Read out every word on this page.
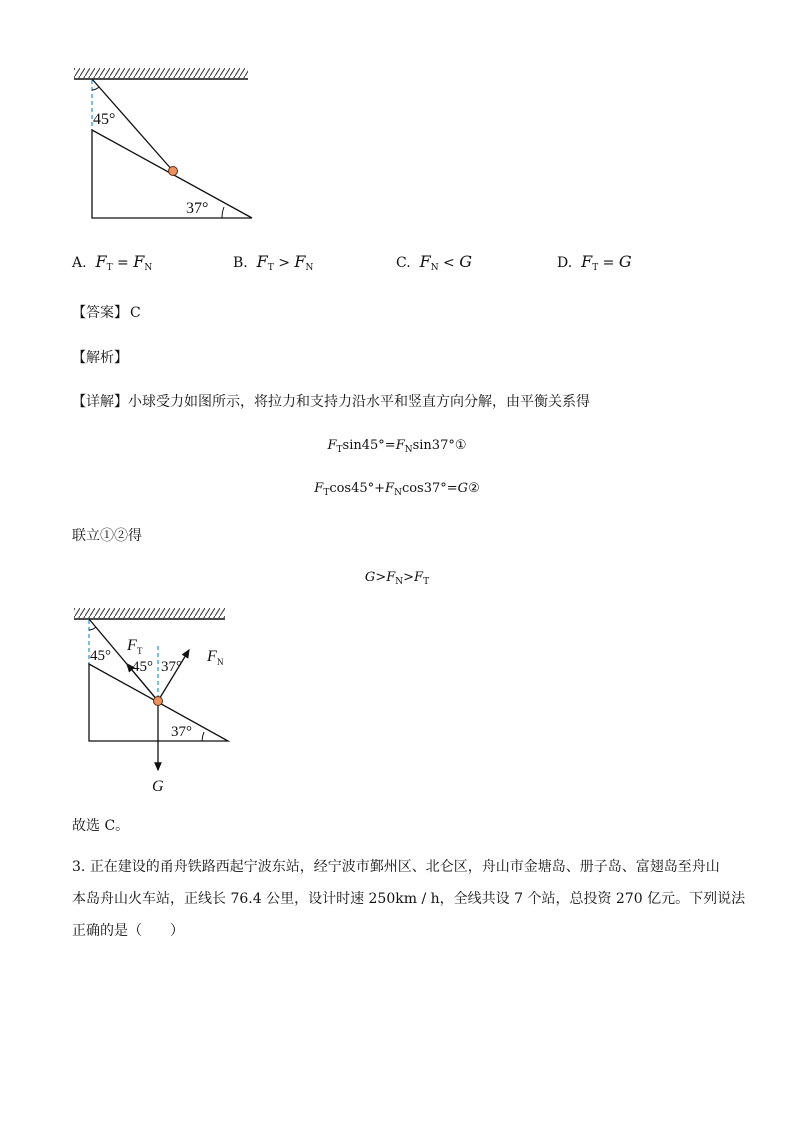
45°
37°
A. $F_T = F_N$	B. $F_T > F_N$	C. $F_N < G$	D. $F_T = G$
【答案】 C
【解析】
【详解】小球受力如图所示，将拉力和支持力沿水平和竖直方向分解，由平衡关系得
$F_T\sin 45^\circ=F_N\sin 37^\circ ①$
$F_T\cos 45^\circ+F_N\cos 37^\circ=G②$
联立①②得
$G>F_N>F_T$
45°
45° 37°
37°
F T	F N
G
故选 C。
3. 正在建设的甬舟铁路西起宁波东站，经宁波市鄞州区、北仑区，舟山市金塘岛、册子岛、富翅岛至舟山
本岛舟山火车站，正线长 76.4 公里，设计时速 250km / h，全线共设 7 个站，总投资 270 亿元。下列说法
正确的是（　　）
